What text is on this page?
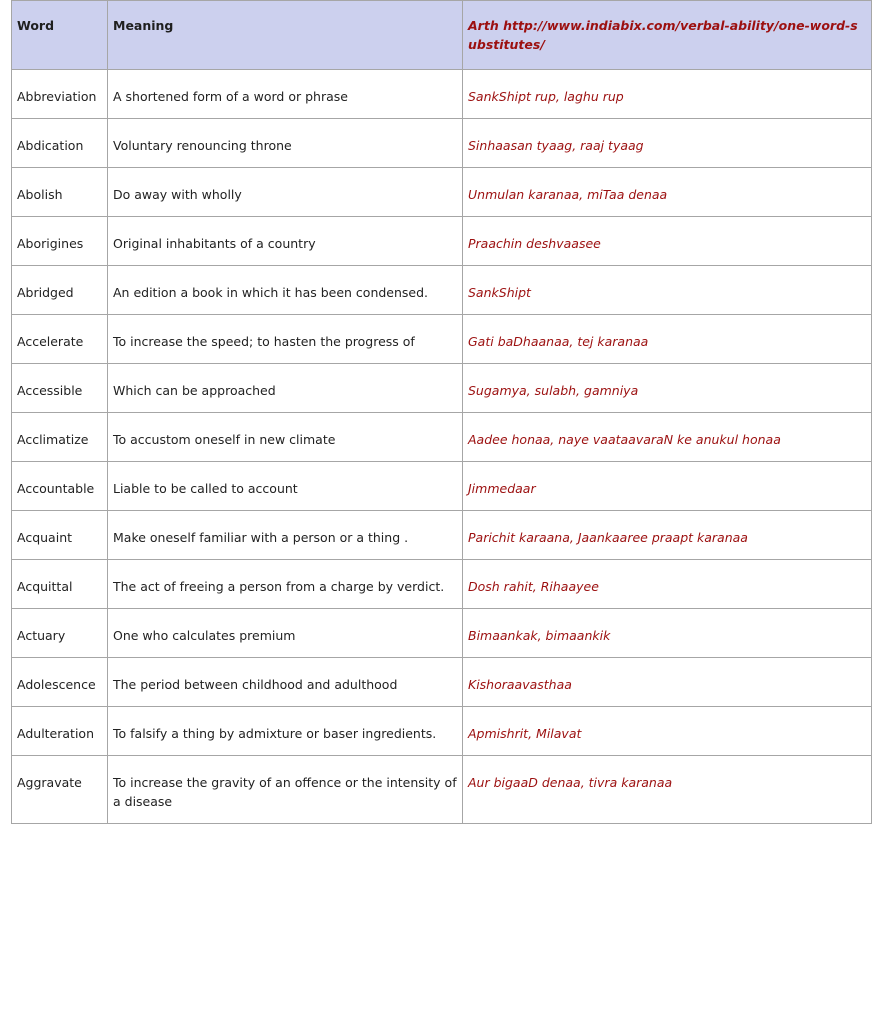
Word	Meaning	Arth http://www.indiabix.com/verbal-ability/one-word-substitutes/
Abbreviation	A shortened form of a word or phrase	SankShipt rup, laghu rup
Abdication	Voluntary renouncing throne	Sinhaasan tyaag, raaj tyaag
Abolish	Do away with wholly	Unmulan karanaa, miTaa denaa
Aborigines	Original inhabitants of a country	Praachin deshvaasee
Abridged	An edition a book in which it has been condensed.	SankShipt
Accelerate	To increase the speed; to hasten the progress of	Gati baDhaanaa, tej karanaa
Accessible	Which can be approached	Sugamya, sulabh, gamniya
Acclimatize	To accustom oneself in new climate	Aadee honaa, naye vaataavaraN ke anukul honaa
Accountable	Liable to be called to account	Jimmedaar
Acquaint	Make oneself familiar with a person or a thing .	Parichit karaana, Jaankaaree praapt karanaa
Acquittal	The act of freeing a person from a charge by verdict.	Dosh rahit, Rihaayee
Actuary	One who calculates premium	Bimaankak, bimaankik
Adolescence	The period between childhood and adulthood	Kishoraavasthaa
Adulteration	To falsify a thing by admixture or baser ingredients.	Apmishrit, Milavat
Aggravate	To increase the gravity of an offence or the intensity of a disease	Aur bigaaD denaa, tivra karanaa
